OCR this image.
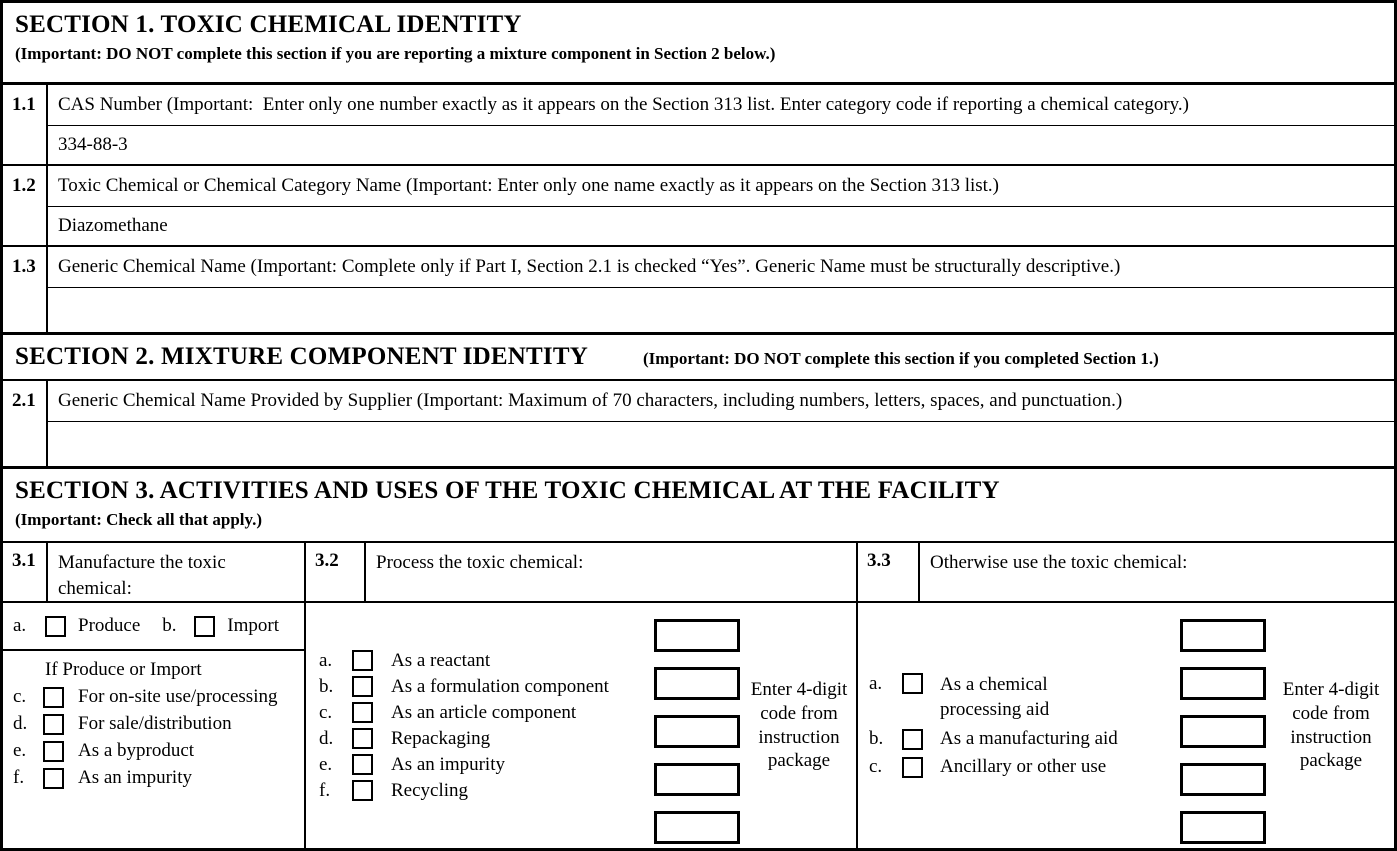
SECTION 1. TOXIC CHEMICAL IDENTITY
(Important: DO NOT complete this section if you are reporting a mixture component in Section 2 below.)
1.1	CAS Number (Important:  Enter only one number exactly as it appears on the Section 313 list. Enter category code if reporting a chemical category.)
334-88-3
1.2	Toxic Chemical or Chemical Category Name (Important: Enter only one name exactly as it appears on the Section 313 list.)
Diazomethane
1.3	Generic Chemical Name (Important: Complete only if Part I, Section 2.1 is checked “Yes”. Generic Name must be structurally descriptive.)
SECTION 2. MIXTURE COMPONENT IDENTITY	(Important: DO NOT complete this section if you completed Section 1.)
2.1	Generic Chemical Name Provided by Supplier (Important: Maximum of 70 characters, including numbers, letters, spaces, and punctuation.)
SECTION 3. ACTIVITIES AND USES OF THE TOXIC CHEMICAL AT THE FACILITY
(Important: Check all that apply.)
3.1	Manufacture the toxic chemical:
3.2	Process the toxic chemical:	3.3	Otherwise use the toxic chemical:
a.	Produce b.	Import
If Produce or Import
c.	For on-site use/processing
d.	For sale/distribution
e.	As a byproduct
f.	As an impurity
a.	As a reactant
b.	As a formulation component
c.	As an article component
d.	Repackaging
e.	As an impurity
f.	Recycling
Enter 4-digit code from instruction package
a.	As a chemical processing aid
b.	As a manufacturing aid
c.	Ancillary or other use
Enter 4-digit code from instruction package
